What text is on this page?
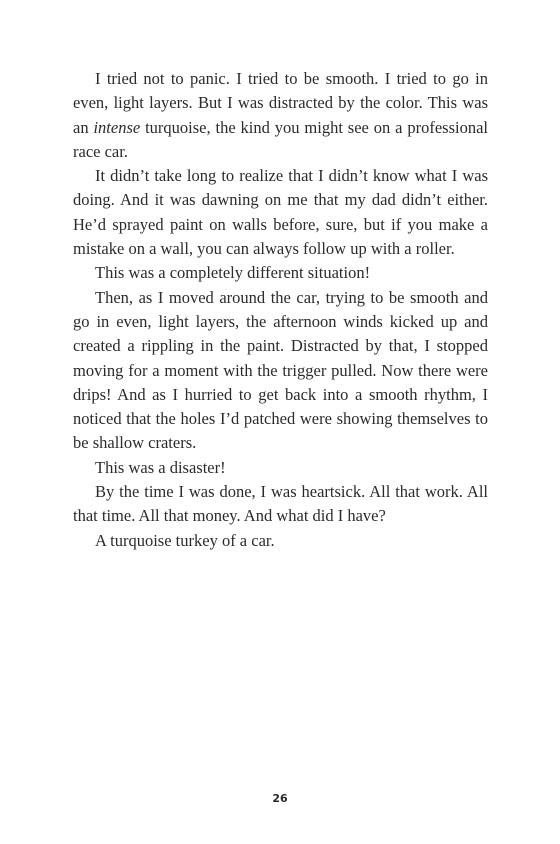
I tried not to panic. I tried to be smooth. I tried to go in even, light layers. But I was distracted by the color. This was an intense turquoise, the kind you might see on a professional race car.

It didn’t take long to realize that I didn’t know what I was doing. And it was dawning on me that my dad didn’t either. He’d sprayed paint on walls before, sure, but if you make a mistake on a wall, you can always follow up with a roller.

This was a completely different situation!

Then, as I moved around the car, trying to be smooth and go in even, light layers, the afternoon winds kicked up and created a rippling in the paint. Distracted by that, I stopped moving for a moment with the trigger pulled. Now there were drips! And as I hurried to get back into a smooth rhythm, I noticed that the holes I’d patched were showing themselves to be shallow craters.

This was a disaster!

By the time I was done, I was heartsick. All that work. All that time. All that money. And what did I have?

A turquoise turkey of a car.

26
